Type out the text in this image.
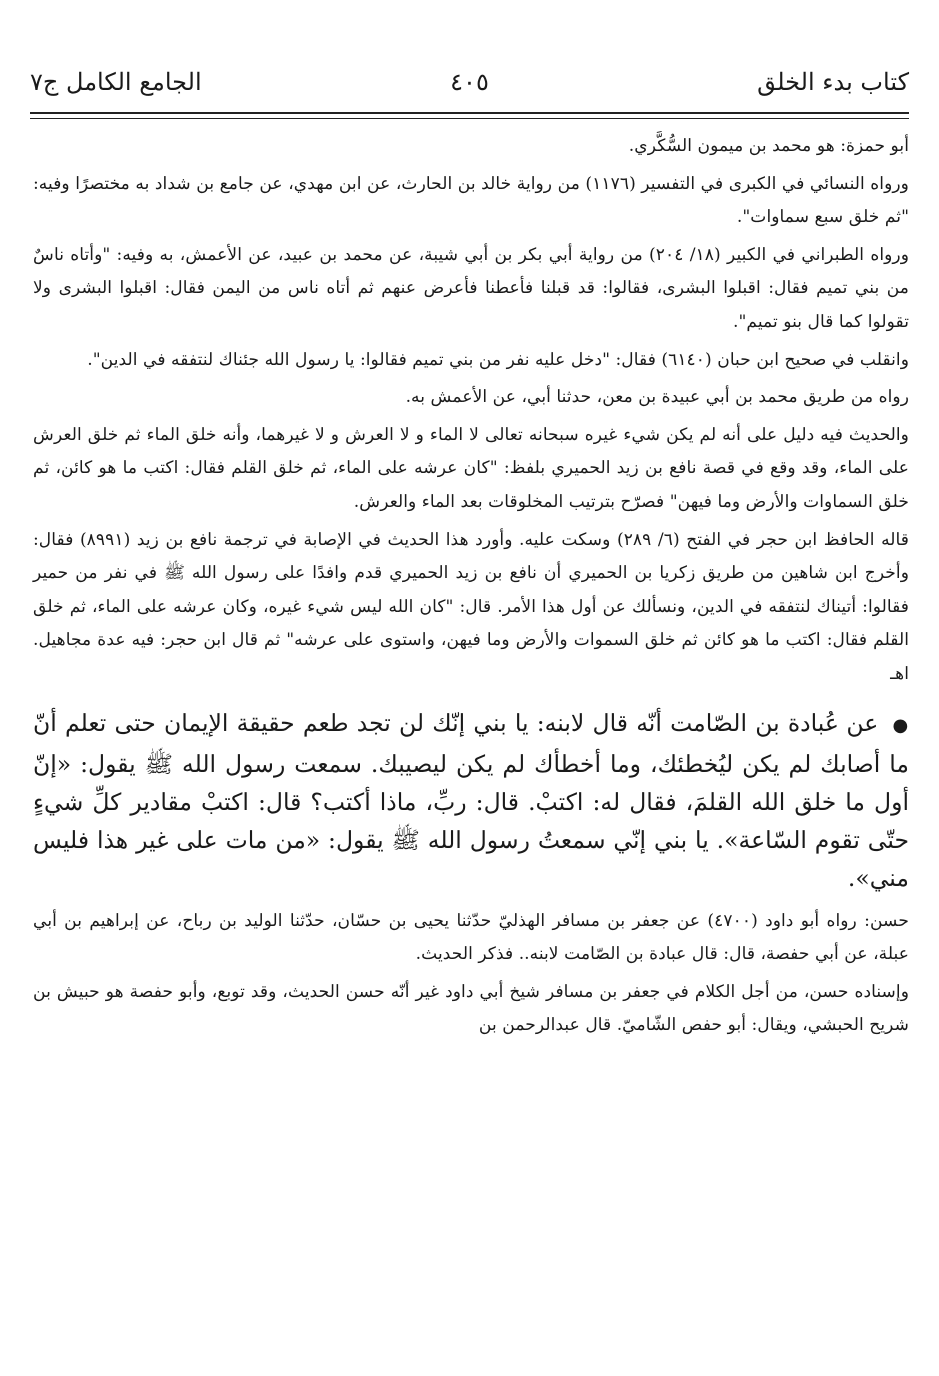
كتاب بدء الخلق
٤٠٥
الجامع الكامل ج٧

أبو حمزة: هو محمد بن ميمون السُّكَّري.

ورواه النسائي في الكبرى في التفسير (١١٧٦) من رواية خالد بن الحارث، عن ابن مهدي، عن جامع بن شداد به مختصرًا وفيه: "ثم خلق سبع سماوات".

ورواه الطبراني في الكبير (١٨/ ٢٠٤) من رواية أبي بكر بن أبي شيبة، عن محمد بن عبيد، عن الأعمش، به وفيه: "وأتاه ناسٌ من بني تميم فقال: اقبلوا البشرى، فقالوا: قد قبلنا فأعطنا فأعرض عنهم ثم أتاه ناس من اليمن فقال: اقبلوا البشرى ولا تقولوا كما قال بنو تميم".

وانقلب في صحيح ابن حبان (٦١٤٠) فقال: "دخل عليه نفر من بني تميم فقالوا: يا رسول الله جئناك لنتفقه في الدين".

رواه من طريق محمد بن أبي عبيدة بن معن، حدثنا أبي، عن الأعمش به.

والحديث فيه دليل على أنه لم يكن شيء غيره سبحانه تعالى لا الماء و لا العرش و لا غيرهما، وأنه خلق الماء ثم خلق العرش على الماء، وقد وقع في قصة نافع بن زيد الحميري بلفظ: "كان عرشه على الماء، ثم خلق القلم فقال: اكتب ما هو كائن، ثم خلق السماوات والأرض وما فيهن" فصرّح بترتيب المخلوقات بعد الماء والعرش.

قاله الحافظ ابن حجر في الفتح (٦/ ٢٨٩) وسكت عليه. وأورد هذا الحديث في الإصابة في ترجمة نافع بن زيد (٨٩٩١) فقال: وأخرج ابن شاهين من طريق زكريا بن الحميري أن نافع بن زيد الحميري قدم وافدًا على رسول الله ﷺ في نفر من حمير فقالوا: أتيناك لنتفقه في الدين، ونسألك عن أول هذا الأمر. قال: "كان الله ليس شيء غيره، وكان عرشه على الماء، ثم خلق القلم فقال: اكتب ما هو كائن ثم خلق السموات والأرض وما فيهن، واستوى على عرشه" ثم قال ابن حجر: فيه عدة مجاهيل. اهـ

● عن عُبادة بن الصّامت أنّه قال لابنه: يا بني إنّك لن تجد طعم حقيقة الإيمان حتى تعلم أنّ ما أصابك لم يكن ليُخطئك، وما أخطأك لم يكن ليصيبك. سمعت رسول الله ﷺ يقول: «إنّ أول ما خلق الله القلمَ، فقال له: اكتبْ. قال: ربِّ، ماذا أكتب؟ قال: اكتبْ مقادير كلِّ شيءٍ حتّى تقوم السّاعة». يا بني إنّي سمعتُ رسول الله ﷺ يقول: «من مات على غير هذا فليس مني».

حسن: رواه أبو داود (٤٧٠٠) عن جعفر بن مسافر الهذليّ حدّثنا يحيى بن حسّان، حدّثنا الوليد بن رباح، عن إبراهيم بن أبي عبلة، عن أبي حفصة، قال: قال عبادة بن الصّامت لابنه.. فذكر الحديث.

وإسناده حسن، من أجل الكلام في جعفر بن مسافر شيخ أبي داود غير أنّه حسن الحديث، وقد توبع، وأبو حفصة هو حبيش بن شريح الحبشي، ويقال: أبو حفص الشّاميّ. قال عبدالرحمن بن
